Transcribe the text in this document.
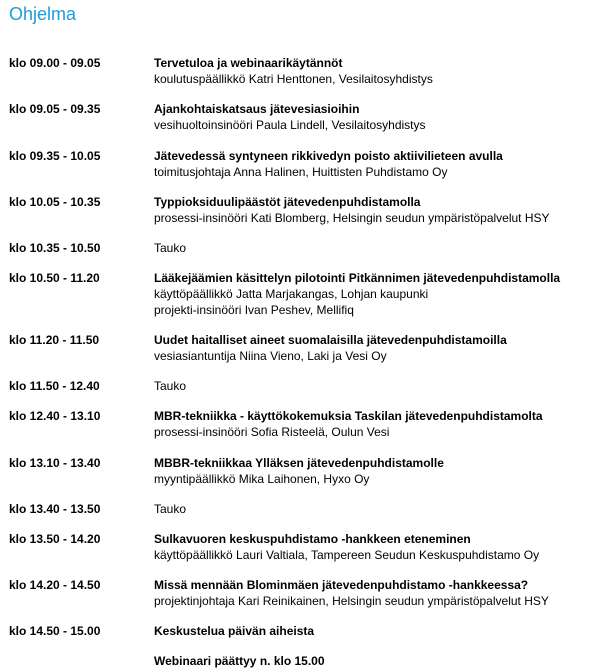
Ohjelma
klo 09.00 - 09.05	Tervetuloa ja webinaarikäytännöt
koulutuspäällikkö Katri Henttonen, Vesilaitosyhdistys
klo 09.05 - 09.35	Ajankohtaiskatsaus jätevesiasioihin
vesihuoltoinsinööri Paula Lindell, Vesilaitosyhdistys
klo 09.35 - 10.05	Jätevedessä syntyneen rikkivedyn poisto aktiivilieteen avulla
toimitusjohtaja Anna Halinen, Huittisten Puhdistamo Oy
klo 10.05 - 10.35	Typpioksiduulipäästöt jätevedenpuhdistamolla
prosessi-insinööri Kati Blomberg, Helsingin seudun ympäristöpalvelut HSY
klo 10.35 - 10.50	Tauko
klo 10.50 - 11.20	Lääkejäämien käsittelyn pilotointi Pitkännimen jätevedenpuhdistamolla
käyttöpäällikkö Jatta Marjakangas, Lohjan kaupunki
projekti-insinööri Ivan Peshev, Mellifiq
klo 11.20 - 11.50	Uudet haitalliset aineet suomalaisilla jätevedenpuhdistamoilla
vesiasiantuntija Niina Vieno, Laki ja Vesi Oy
klo 11.50 - 12.40	Tauko
klo 12.40 - 13.10	MBR-tekniikka - käyttökokemuksia Taskilan jätevedenpuhdistamolta
prosessi-insinööri Sofia Risteelä, Oulun Vesi
klo 13.10 - 13.40	MBBR-tekniikkaa Ylläksen jätevedenpuhdistamolle
myyntipäällikkö Mika Laihonen, Hyxo Oy
klo 13.40 - 13.50	Tauko
klo 13.50 - 14.20	Sulkavuoren keskuspuhdistamo -hankkeen eteneminen
käyttöpäällikkö Lauri Valtiala, Tampereen Seudun Keskuspuhdistamo Oy
klo 14.20 - 14.50	Missä mennään Blominmäen jätevedenpuhdistamo -hankkeessa?
projektinjohtaja Kari Reinikainen, Helsingin seudun ympäristöpalvelut HSY
klo 14.50 - 15.00	Keskustelua päivän aiheista
Webinaari päättyy n. klo 15.00
